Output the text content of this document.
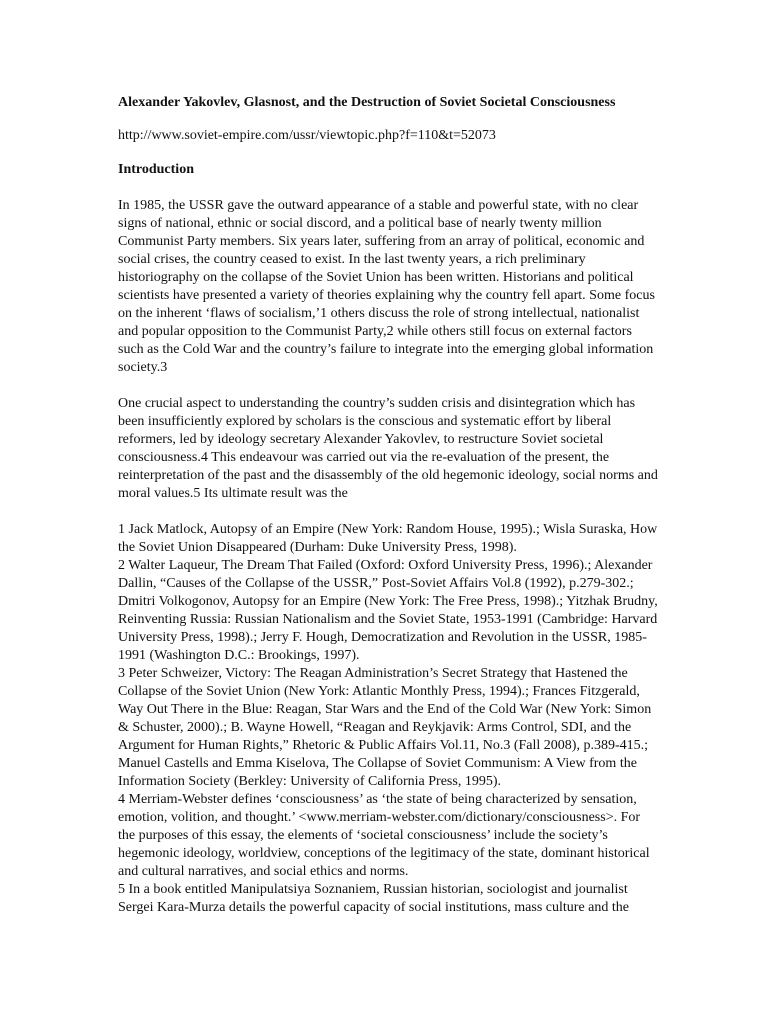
Alexander Yakovlev, Glasnost, and the Destruction of Soviet Societal Consciousness
http://www.soviet-empire.com/ussr/viewtopic.php?f=110&t=52073
Introduction

In 1985, the USSR gave the outward appearance of a stable and powerful state, with no clear signs of national, ethnic or social discord, and a political base of nearly twenty million Communist Party members. Six years later, suffering from an array of political, economic and social crises, the country ceased to exist. In the last twenty years, a rich preliminary historiography on the collapse of the Soviet Union has been written. Historians and political scientists have presented a variety of theories explaining why the country fell apart. Some focus on the inherent ‘flaws of socialism,’1 others discuss the role of strong intellectual, nationalist and popular opposition to the Communist Party,2 while others still focus on external factors such as the Cold War and the country’s failure to integrate into the emerging global information society.3

One crucial aspect to understanding the country’s sudden crisis and disintegration which has been insufficiently explored by scholars is the conscious and systematic effort by liberal reformers, led by ideology secretary Alexander Yakovlev, to restructure Soviet societal consciousness.4 This endeavour was carried out via the re-evaluation of the present, the reinterpretation of the past and the disassembly of the old hegemonic ideology, social norms and moral values.5 Its ultimate result was the

1 Jack Matlock, Autopsy of an Empire (New York: Random House, 1995).; Wisla Suraska, How the Soviet Union Disappeared (Durham: Duke University Press, 1998).

2 Walter Laqueur, The Dream That Failed (Oxford: Oxford University Press, 1996).; Alexander Dallin, “Causes of the Collapse of the USSR,” Post-Soviet Affairs Vol.8 (1992), p.279-302.; Dmitri Volkogonov, Autopsy for an Empire (New York: The Free Press, 1998).; Yitzhak Brudny, Reinventing Russia: Russian Nationalism and the Soviet State, 1953-1991 (Cambridge: Harvard University Press, 1998).; Jerry F. Hough, Democratization and Revolution in the USSR, 1985-1991 (Washington D.C.: Brookings, 1997).

3 Peter Schweizer, Victory: The Reagan Administration’s Secret Strategy that Hastened the Collapse of the Soviet Union (New York: Atlantic Monthly Press, 1994).; Frances Fitzgerald, Way Out There in the Blue: Reagan, Star Wars and the End of the Cold War (New York: Simon & Schuster, 2000).; B. Wayne Howell, “Reagan and Reykjavik: Arms Control, SDI, and the Argument for Human Rights,” Rhetoric & Public Affairs Vol.11, No.3 (Fall 2008), p.389-415.; Manuel Castells and Emma Kiselova, The Collapse of Soviet Communism: A View from the Information Society (Berkley: University of California Press, 1995).

4 Merriam-Webster defines ‘consciousness’ as ‘the state of being characterized by sensation, emotion, volition, and thought.’ <www.merriam-webster.com/dictionary/consciousness>. For the purposes of this essay, the elements of ‘societal consciousness’ include the society’s hegemonic ideology, worldview, conceptions of the legitimacy of the state, dominant historical and cultural narratives, and social ethics and norms.

5 In a book entitled Manipulatsiya Soznаniem, Russian historian, sociologist and journalist Sergei Kara-Murza details the powerful capacity of social institutions, mass culture and the
